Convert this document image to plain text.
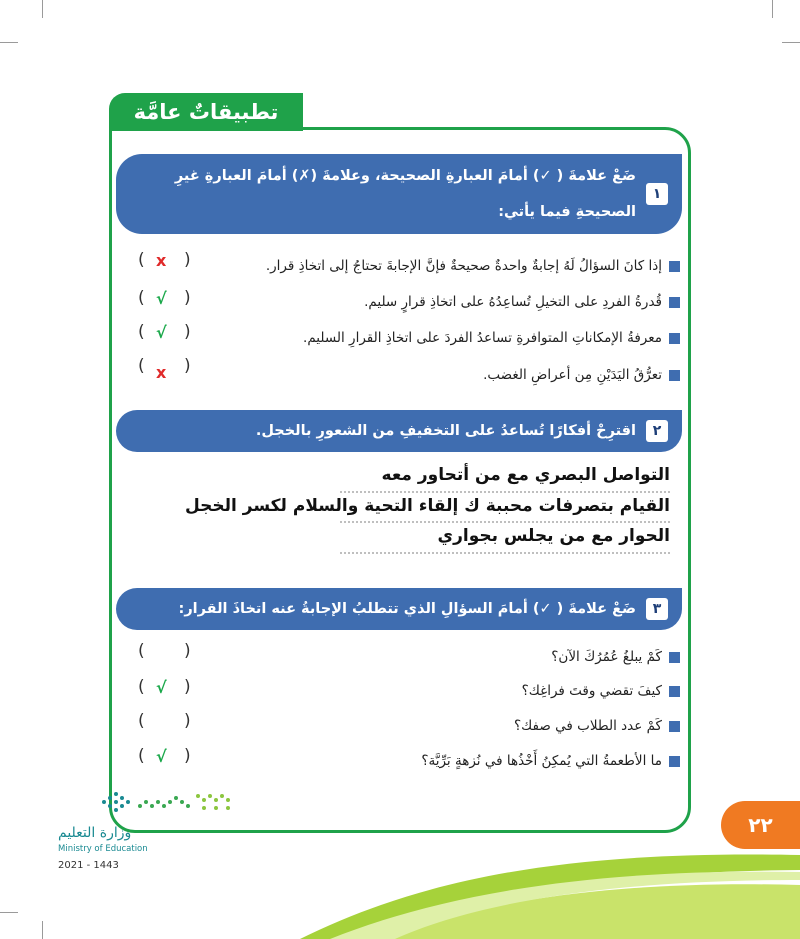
تطبيقاتٌ عامَّة
١
ضَعْ علامةَ ( ✓) أمامَ العبارةِ الصحيحة، وعلامةَ (✗) أمامَ العبارةِ غيرِ الصحيحةِ فيما يأتي:
إذا كانَ السؤالُ لَهُ إجابةٌ واحدةٌ صحيحةٌ فإنَّ الإجابةَ تحتاجُ إلى اتخاذِ قرار.
قُدرةُ الفردِ على التخيلِ تُساعِدُهُ على اتخاذِ قرارٍ سليم.
معرفةُ الإمكاناتِ المتوافرةِ تساعدُ الفردَ على اتخاذِ القرارِ السليم.
تعرُّقُ اليَدَيْنِ مِن أعراضِ الغضب.
( x )
( √ )
( √ )
( x )
٢
اقترِحْ أفكارًا تُساعدُ على التخفيفِ من الشعورِ بالخجل.
التواصل البصري مع من أتحاور معه
القيام بتصرفات محببة ك إلقاء التحية والسلام لكسر الخجل
الحوار مع من يجلس بجواري
٣
ضَعْ علامةَ ( ✓) أمامَ السؤالِ الذي تتطلبُ الإجابةُ عنه اتخاذَ القرار:
كَمْ يبلغُ عُمُرُكَ الآن؟
كيفَ تقضي وقتَ فراغِك؟
كَمْ عدد الطلاب في صفك؟
ما الأطعمةُ التي يُمكِنُ أَخْذُها في نُزهةٍ بَرِّيَّة؟
( )
( √ )
( )
( √ )
٢٢
وزارة التعليم
Ministry of Education
2021 - 1443
